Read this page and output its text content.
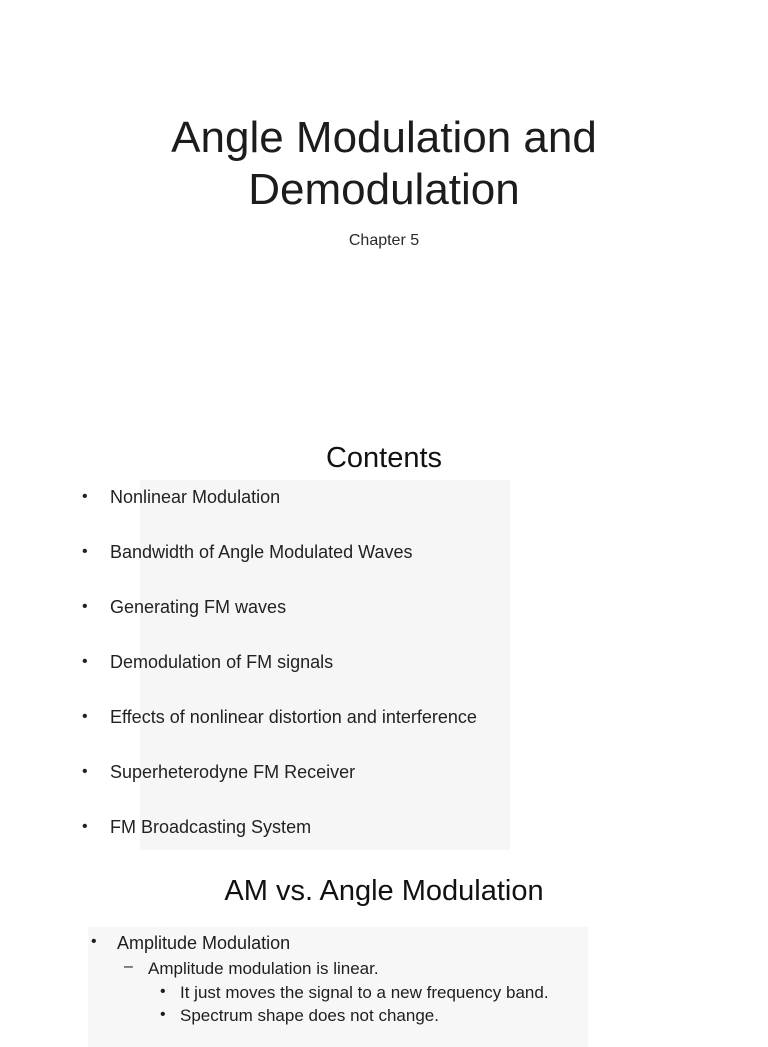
Angle Modulation and
Demodulation
Chapter 5
Contents
• Nonlinear Modulation
• Bandwidth of Angle Modulated Waves
• Generating FM waves
• Demodulation of FM signals
• Effects of nonlinear distortion and interference
• Superheterodyne FM Receiver
• FM Broadcasting System
AM vs. Angle Modulation
• Amplitude Modulation
– Amplitude modulation is linear.
• It just moves the signal to a new frequency band.
• Spectrum shape does not change.
